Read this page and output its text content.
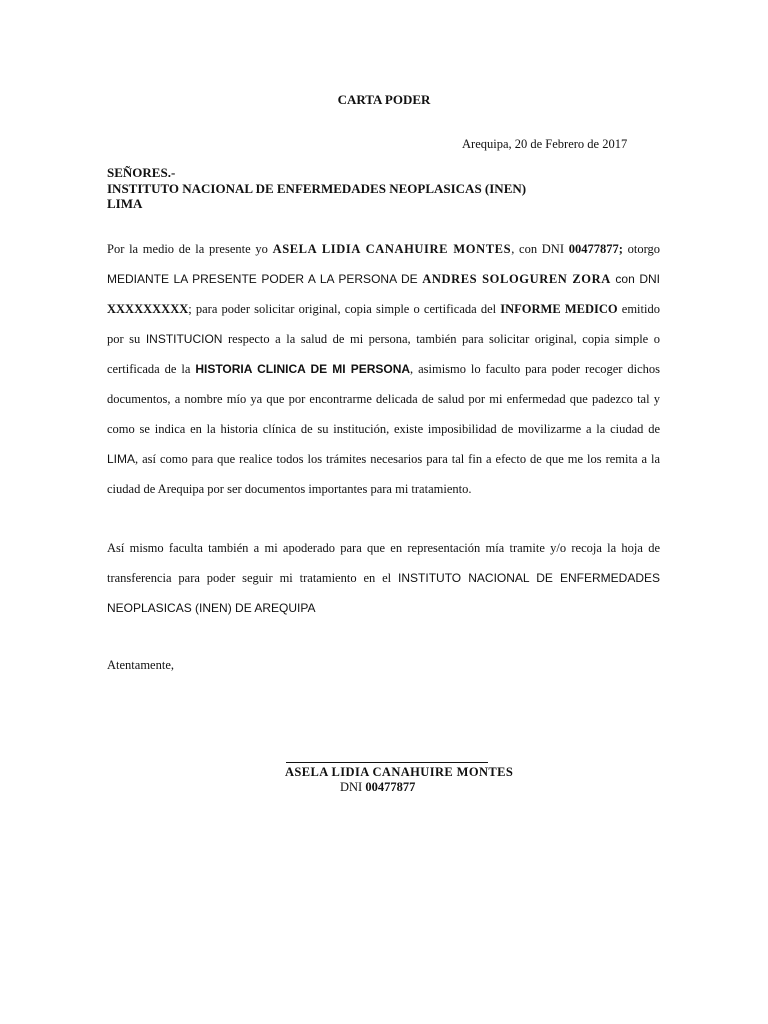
CARTA PODER
Arequipa, 20 de Febrero de 2017
SEÑORES.-
INSTITUTO NACIONAL DE ENFERMEDADES NEOPLASICAS (INEN)
LIMA
Por la medio de la presente yo ASELA LIDIA CANAHUIRE MONTES, con DNI 00477877; otorgo
MEDIANTE LA PRESENTE PODER A LA PERSONA DE ANDRES SOLOGUREN ZORA con DNI
XXXXXXXXX; para poder solicitar original, copia simple o certificada del INFORME MEDICO emitido
por su INSTITUCION respecto a la salud de mi persona, también para solicitar original, copia simple o
certificada de la HISTORIA CLINICA DE MI PERSONA, asimismo lo faculto para poder recoger dichos
documentos, a nombre mío ya que por encontrarme delicada de salud por mi enfermedad que padezco tal y
como se indica en la historia clínica de su institución, existe imposibilidad de movilizarme a la ciudad de
LIMA, así como para que realice todos los trámites necesarios para tal fin a efecto de que me los remita a la
ciudad de Arequipa por ser documentos importantes para mi tratamiento.
Así mismo faculta también a mi apoderado para que en representación mía tramite y/o recoja la hoja de
transferencia para poder seguir mi tratamiento en el INSTITUTO NACIONAL DE ENFERMEDADES
NEOPLASICAS (INEN) DE AREQUIPA
Atentamente,
ASELA LIDIA CANAHUIRE MONTES
DNI 00477877
